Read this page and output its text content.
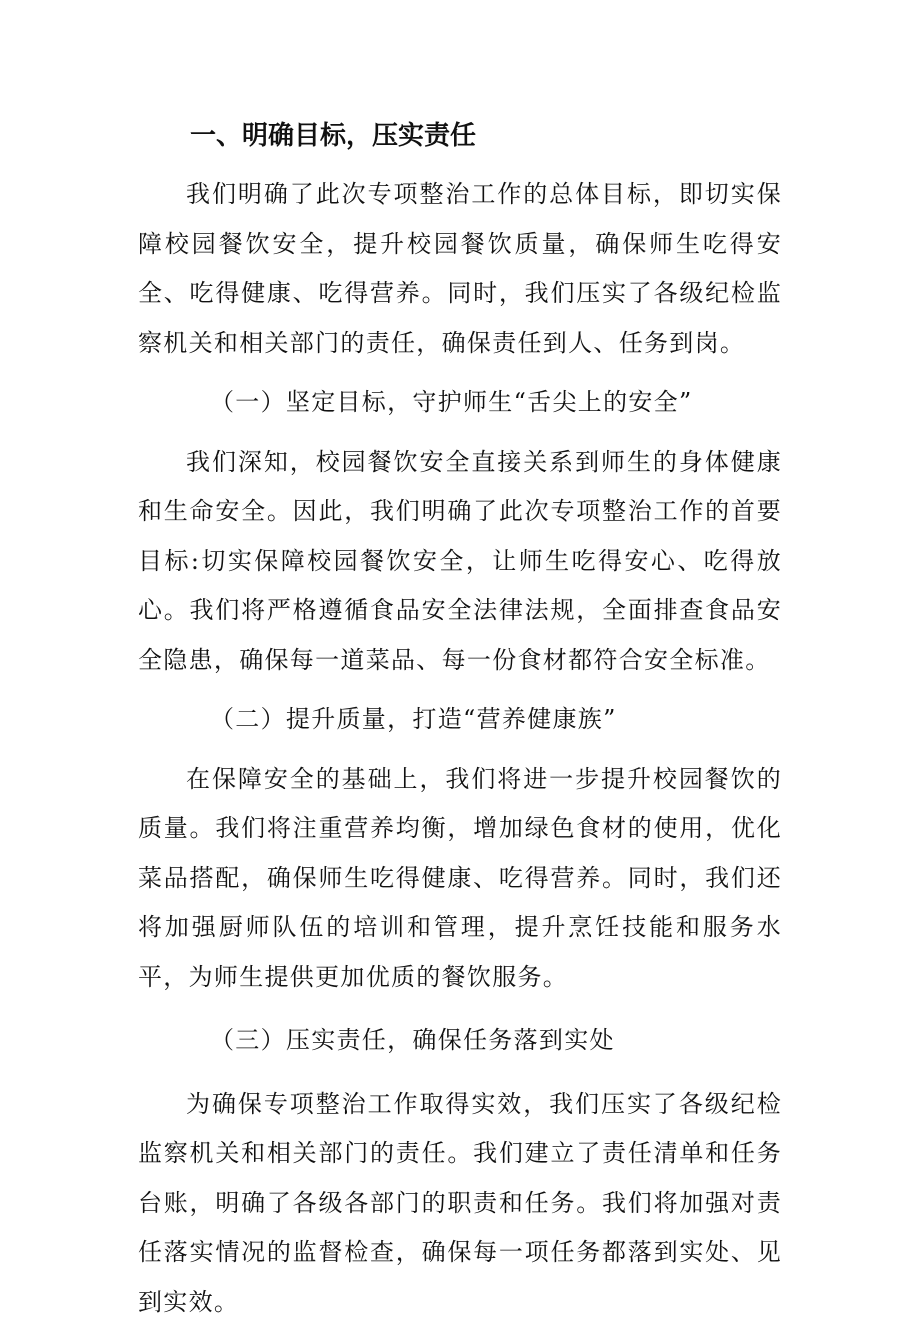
一、明确目标，压实责任

我们明确了此次专项整治工作的总体目标，即切实保障校园餐饮安全，提升校园餐饮质量，确保师生吃得安全、吃得健康、吃得营养。同时，我们压实了各级纪检监察机关和相关部门的责任，确保责任到人、任务到岗。

（一）坚定目标，守护师生“舌尖上的安全”

我们深知，校园餐饮安全直接关系到师生的身体健康和生命安全。因此，我们明确了此次专项整治工作的首要目标:切实保障校园餐饮安全，让师生吃得安心、吃得放心。我们将严格遵循食品安全法律法规，全面排查食品安全隐患，确保每一道菜品、每一份食材都符合安全标准。

（二）提升质量，打造“营养健康族”

在保障安全的基础上，我们将进一步提升校园餐饮的质量。我们将注重营养均衡，增加绿色食材的使用，优化菜品搭配，确保师生吃得健康、吃得营养。同时，我们还将加强厨师队伍的培训和管理，提升烹饪技能和服务水平，为师生提供更加优质的餐饮服务。

（三）压实责任，确保任务落到实处

为确保专项整治工作取得实效，我们压实了各级纪检监察机关和相关部门的责任。我们建立了责任清单和任务台账，明确了各级各部门的职责和任务。我们将加强对责任落实情况的监督检查，确保每一项任务都落到实处、见到实效。
